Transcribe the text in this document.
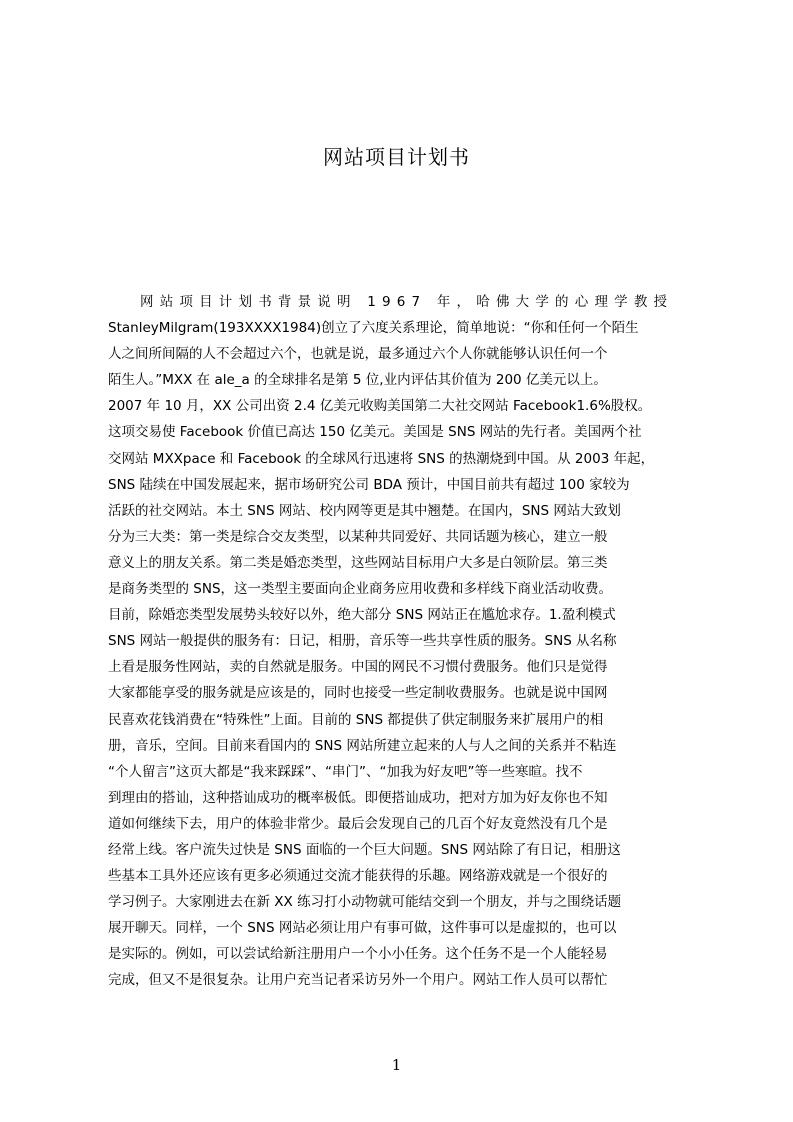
网站项目计划书
网站项目计划书背景说明 1967 年，哈佛大学的心理学教授
StanleyMilgram(193XXXX1984)创立了六度关系理论，简单地说：“你和任何一个陌生
人之间所间隔的人不会超过六个，也就是说，最多通过六个人你就能够认识任何一个
陌生人。”MXX 在 ale_a 的全球排名是第 5 位,业内评估其价值为 200 亿美元以上。
2007 年 10 月，XX 公司出资 2.4 亿美元收购美国第二大社交网站 Facebook1.6%股权。
这项交易使 Facebook 价值已高达 150 亿美元。美国是 SNS 网站的先行者。美国两个社
交网站 MXXpace 和 Facebook 的全球风行迅速将 SNS 的热潮烧到中国。从 2003 年起，
SNS 陆续在中国发展起来，据市场研究公司 BDA 预计，中国目前共有超过 100 家较为
活跃的社交网站。本土 SNS 网站、校内网等更是其中翘楚。在国内，SNS 网站大致划
分为三大类：第一类是综合交友类型，以某种共同爱好、共同话题为核心，建立一般
意义上的朋友关系。第二类是婚恋类型，这些网站目标用户大多是白领阶层。第三类
是商务类型的 SNS，这一类型主要面向企业商务应用收费和多样线下商业活动收费。
目前，除婚恋类型发展势头较好以外，绝大部分 SNS 网站正在尴尬求存。1.盈利模式
SNS 网站一般提供的服务有：日记，相册，音乐等一些共享性质的服务。SNS 从名称
上看是服务性网站，卖的自然就是服务。中国的网民不习惯付费服务。他们只是觉得
大家都能享受的服务就是应该是的，同时也接受一些定制收费服务。也就是说中国网
民喜欢花钱消费在“特殊性”上面。目前的 SNS 都提供了供定制服务来扩展用户的相
册，音乐，空间。目前来看国内的 SNS 网站所建立起来的人与人之间的关系并不粘连
“个人留言”这页大都是“我来踩踩”、“串门”、“加我为好友吧”等一些寒暄。找不
到理由的搭讪，这种搭讪成功的概率极低。即便搭讪成功，把对方加为好友你也不知
道如何继续下去，用户的体验非常少。最后会发现自己的几百个好友竟然没有几个是
经常上线。客户流失过快是 SNS 面临的一个巨大问题。SNS 网站除了有日记，相册这
些基本工具外还应该有更多必须通过交流才能获得的乐趣。网络游戏就是一个很好的
学习例子。大家刚进去在新 XX 练习打小动物就可能结交到一个朋友，并与之围绕话题
展开聊天。同样，一个 SNS 网站必须让用户有事可做，这件事可以是虚拟的，也可以
是实际的。例如，可以尝试给新注册用户一个小小任务。这个任务不是一个人能轻易
完成，但又不是很复杂。让用户充当记者采访另外一个用户。网站工作人员可以帮忙
1
